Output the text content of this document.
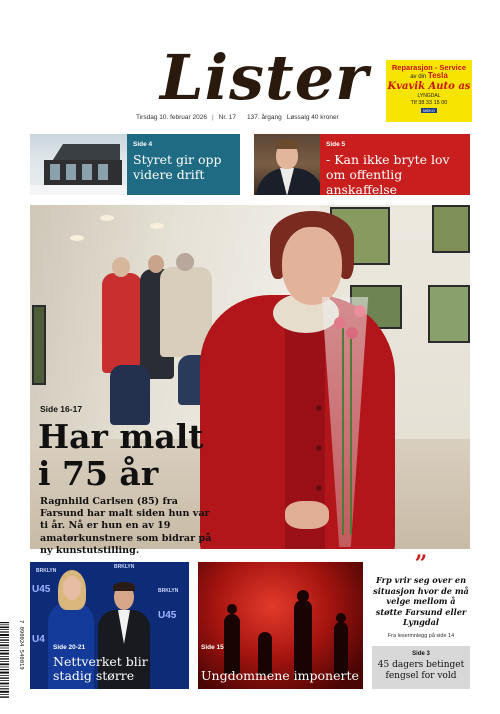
Lister
Tirsdag 10. februar 2026 | Nr. 17 137. årgang Løssalg 40 kroner
Reparasjon - Service
av din Tesla
Kvavik Auto as
LYNGDAL
Tlf 38 33 15 00
MEKO
Side 4
Styret gir opp videre drift
Side 5
- Kan ikke bryte lov om offentlig anskaffelse
Side 16-17
Har malt
i 75 år
Ragnhild Carlsen (85) fra Farsund har malt siden hun var ti år. Nå er hun en av 19 amatørkunstnere som bidrar på ny kunstutstilling.
BRKLYN
U45
BRKLYN
U45
U4
BRKLYN
Side 20-21
Nettverket blir stadig større
Side 15
Ungdommene imponerte
”
Frp vrir seg over en situasjon hvor de må velge mellom å støtte Farsund eller Lyngdal
Fra leserinnlegg på side 14
Side 3
45 dagers betinget fengsel for vold
7 090024 540019
